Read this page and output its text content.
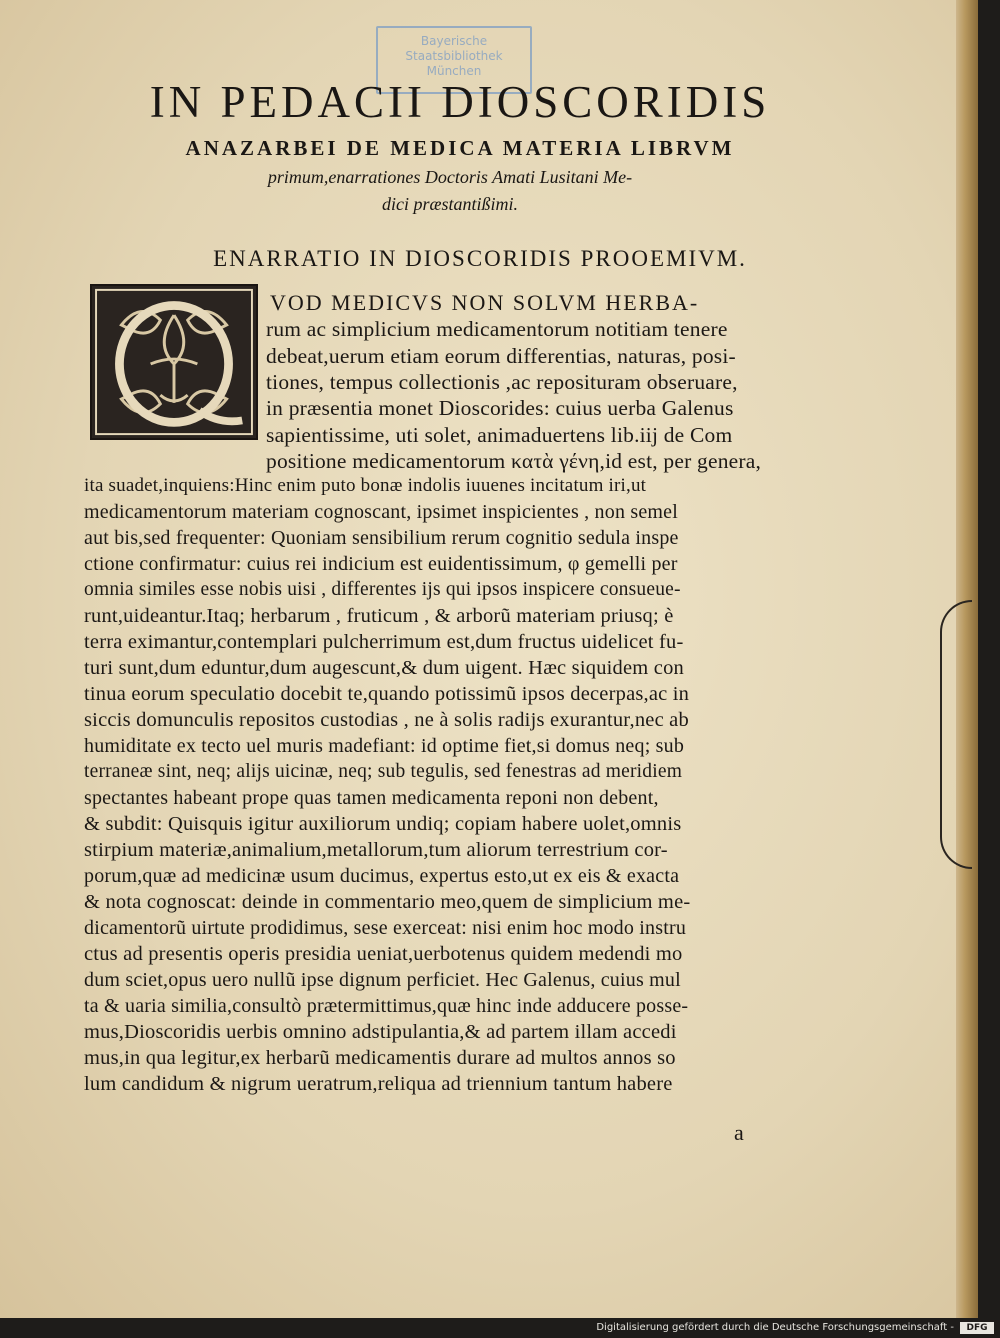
Bayerische
Staatsbibliothek
München
IN PEDACII DIOSCORIDIS
ANAZARBEI DE MEDICA MATERIA LIBRVM
primum,enarrationes Doctoris Amati Lusitani Me-
dici præstantißimi.
ENARRATIO IN DIOSCORIDIS PROOEMIVM.
VOD MEDICVS NON SOLVM HERBA-
rum ac simplicium medicamentorum notitiam tenere
debeat,uerum etiam eorum differentias, naturas, posi-
tiones, tempus collectionis ,ac reposituram obseruare,
in præsentia monet Dioscorides: cuius uerba Galenus
sapientissime, uti solet, animaduertens lib.iij de Com
positione medicamentorum κατὰ γένη,id est, per genera,
ita suadet,inquiens:Hinc enim puto bonæ indolis iuuenes incitatum iri,ut
medicamentorum materiam cognoscant, ipsimet inspicientes , non semel
aut bis,sed frequenter: Quoniam sensibilium rerum cognitio sedula inspe
ctione confirmatur: cuius rei indicium est euidentissimum, φ gemelli per
omnia similes esse nobis uisi , differentes ijs qui ipsos inspicere consueue-
runt,uideantur.Itaq; herbarum , fruticum , & arborũ materiam priusq; è
terra eximantur,contemplari pulcherrimum est,dum fructus uidelicet fu-
turi sunt,dum eduntur,dum augescunt,& dum uigent. Hæc siquidem con
tinua eorum speculatio docebit te,quando potissimũ ipsos decerpas,ac in
siccis domunculis repositos custodias , ne à solis radijs exurantur,nec ab
humiditate ex tecto uel muris madefiant: id optime fiet,si domus neq; sub
terraneæ sint, neq; alijs uicinæ, neq; sub tegulis, sed fenestras ad meridiem
spectantes habeant prope quas tamen medicamenta reponi non debent,
& subdit: Quisquis igitur auxiliorum undiq; copiam habere uolet,omnis
stirpium materiæ,animalium,metallorum,tum aliorum terrestrium cor-
porum,quæ ad medicinæ usum ducimus, expertus esto,ut ex eis & exacta
& nota cognoscat: deinde in commentario meo,quem de simplicium me-
dicamentorũ uirtute prodidimus, sese exerceat: nisi enim hoc modo instru
ctus ad presentis operis presidia ueniat,uerbotenus quidem medendi mo
dum sciet,opus uero nullũ ipse dignum perficiet. Hec Galenus, cuius mul
ta & uaria similia,consultò prætermittimus,quæ hinc inde adducere posse-
mus,Dioscoridis uerbis omnino adstipulantia,& ad partem illam accedi
mus,in qua legitur,ex herbarũ medicamentis durare ad multos annos so
lum candidum & nigrum ueratrum,reliqua ad triennium tantum habere
a
Digitalisierung gefördert durch die Deutsche Forschungsgemeinschaft -	DFG
